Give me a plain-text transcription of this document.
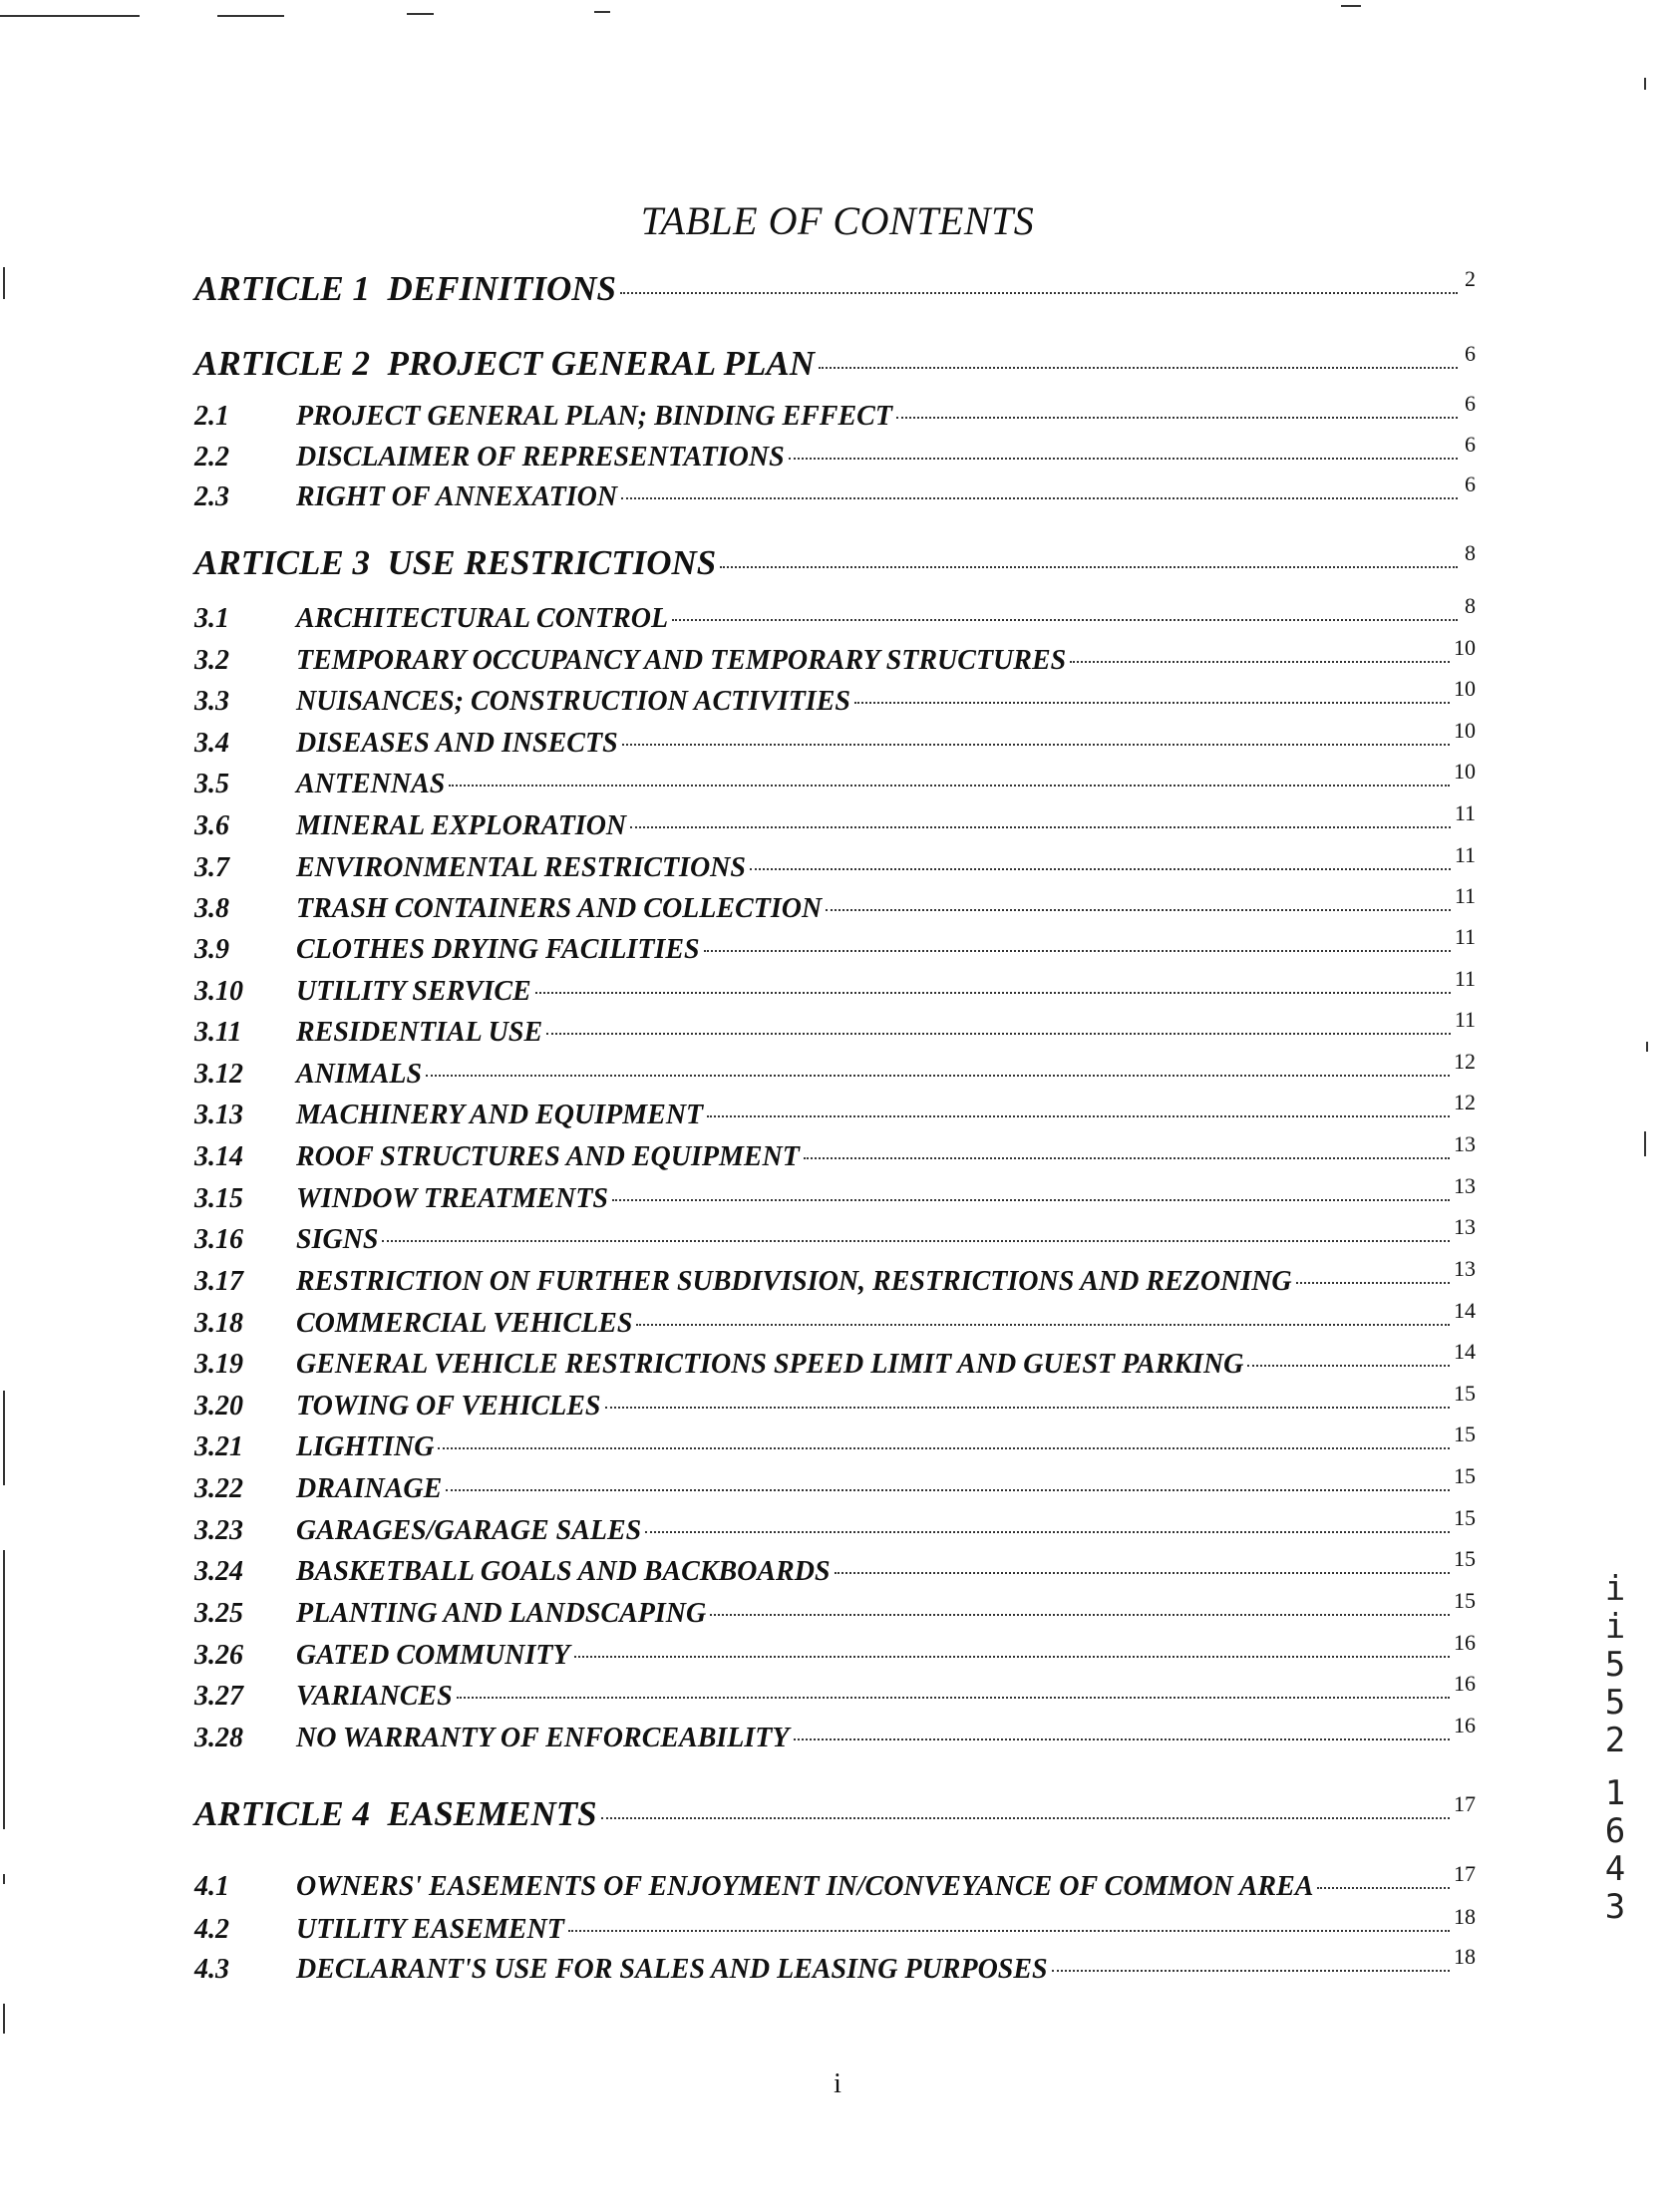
TABLE OF CONTENTS
ARTICLE 1  DEFINITIONS	2
ARTICLE 2  PROJECT GENERAL PLAN	6
2.1	PROJECT GENERAL PLAN; BINDING EFFECT	6
2.2	DISCLAIMER OF REPRESENTATIONS	6
2.3	RIGHT OF ANNEXATION	6
ARTICLE 3  USE RESTRICTIONS	8
3.1	ARCHITECTURAL CONTROL	8
3.2	TEMPORARY OCCUPANCY AND TEMPORARY STRUCTURES	10
3.3	NUISANCES; CONSTRUCTION ACTIVITIES	10
3.4	DISEASES AND INSECTS	10
3.5	ANTENNAS	10
3.6	MINERAL EXPLORATION	11
3.7	ENVIRONMENTAL RESTRICTIONS	11
3.8	TRASH CONTAINERS AND COLLECTION	11
3.9	CLOTHES DRYING FACILITIES	11
3.10	UTILITY SERVICE	11
3.11	RESIDENTIAL USE	11
3.12	ANIMALS	12
3.13	MACHINERY AND EQUIPMENT	12
3.14	ROOF STRUCTURES AND EQUIPMENT	13
3.15	WINDOW TREATMENTS	13
3.16	SIGNS	13
3.17	RESTRICTION ON FURTHER SUBDIVISION, RESTRICTIONS AND REZONING	13
3.18	COMMERCIAL VEHICLES	14
3.19	GENERAL VEHICLE RESTRICTIONS SPEED LIMIT AND GUEST PARKING	14
3.20	TOWING OF VEHICLES	15
3.21	LIGHTING	15
3.22	DRAINAGE	15
3.23	GARAGES/GARAGE SALES	15
3.24	BASKETBALL GOALS AND BACKBOARDS	15
3.25	PLANTING AND LANDSCAPING	15
3.26	GATED COMMUNITY	16
3.27	VARIANCES	16
3.28	NO WARRANTY OF ENFORCEABILITY	16
ARTICLE 4  EASEMENTS	17
4.1	OWNERS' EASEMENTS OF ENJOYMENT IN/CONVEYANCE OF COMMON AREA	17
4.2	UTILITY EASEMENT	18
4.3	DECLARANT'S USE FOR SALES AND LEASING PURPOSES	18
i
i
i
5
5
2
1
6
4
3
